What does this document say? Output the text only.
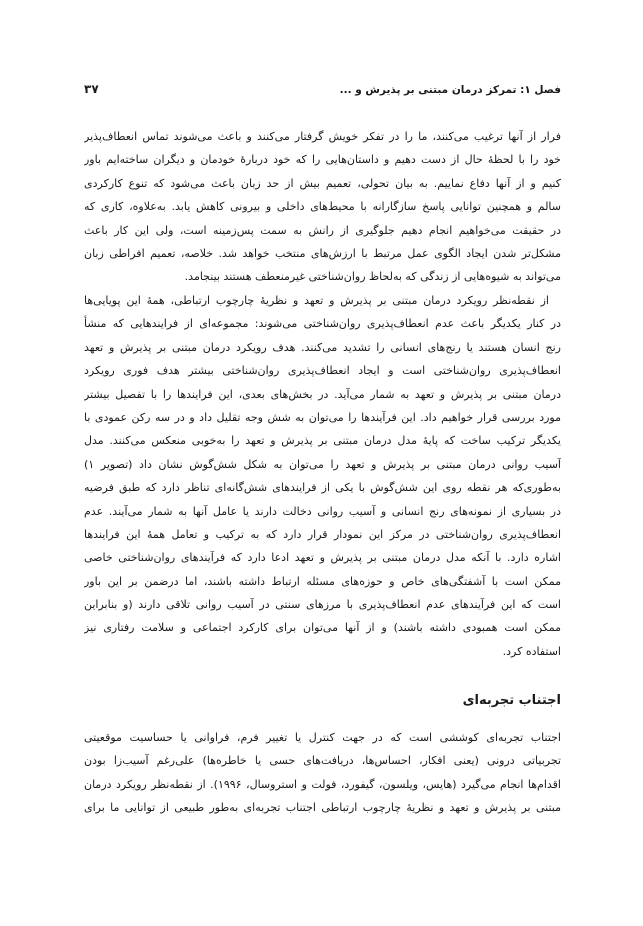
فصل ۱: تمرکز درمان مبتنی بر پذیرش و ...
۳۷

فرار از آنها ترغیب می‌کنند، ما را در تفکر خویش گرفتار می‌کنند و باعث می‌شوند تماس انعطاف‌پذیر
خود را با لحظهٔ حال از دست دهیم و داستان‌هایی را که خود دربارهٔ خودمان و دیگران ساخته‌ایم باور
کنیم و از آنها دفاع نماییم. به بیان تحولی، تعمیم بیش از حد زبان باعث می‌شود که تنوع کارکردی
سالم و همچنین توانایی پاسخ سازگارانه با محیط‌های داخلی و بیرونی کاهش یابد. به‌علاوه، کاری که
در حقیقت می‌خواهیم انجام دهیم جلوگیری از رانش به سمت پس‌زمینه است، ولی این کار باعث
مشکل‌تر شدن ایجاد الگوی عمل مرتبط با ارزش‌های منتخب خواهد شد. خلاصه، تعمیم افراطی زبان
می‌تواند به شیوه‌هایی از زندگی که به‌لحاظ روان‌شناختی غیرمنعطف هستند بینجامد.

از نقطه‌نظر رویکرد درمان مبتنی بر پذیرش و تعهد و نظریهٔ چارچوب ارتباطی، همهٔ این پویایی‌ها
در کنار یکدیگر باعث عدم انعطاف‌پذیری روان‌شناختی می‌شوند: مجموعه‌ای از فرایندهایی که منشأ
رنج انسان هستند یا رنج‌های انسانی را تشدید می‌کنند. هدف رویکرد درمان مبتنی بر پذیرش و تعهد
انعطاف‌پذیری روان‌شناختی است و ایجاد انعطاف‌پذیری روان‌شناختی بیشتر هدف فوری رویکرد
درمان مبتنی بر پذیرش و تعهد به شمار می‌آید. در بخش‌های بعدی، این فرایندها را با تفصیل بیشتر
مورد بررسی قرار خواهیم داد. این فرآیندها را می‌توان به شش وجه تقلیل داد و در سه رکن عمودی با
یکدیگر ترکیب ساخت که پایهٔ مدل درمان مبتنی بر پذیرش و تعهد را به‌خوبی منعکس می‌کنند. مدل
آسیب روانی درمان مبتنی بر پذیرش و تعهد را می‌توان به شکل شش‌گوش نشان داد (تصویر ۱)
به‌طوری‌که هر نقطه روی این شش‌گوش با یکی از فرایندهای شش‌گانه‌ای تناظر دارد که طبق فرضیه
در بسیاری از نمونه‌های رنج انسانی و آسیب روانی دخالت دارند یا عامل آنها به شمار می‌آیند. عدم
انعطاف‌پذیری روان‌شناختی در مرکز این نمودار قرار دارد که به ترکیب و تعامل همهٔ این فرایندها
اشاره دارد. با آنکه مدل درمان مبتنی بر پذیرش و تعهد ادعا دارد که فرآیندهای روان‌شناختی خاصی
ممکن است با آشفتگی‌های خاص و حوزه‌های مسئله ارتباط داشته باشند، اما درضمن بر این باور
است که این فرآیندهای عدم انعطاف‌پذیری با مرزهای سنتی در آسیب روانی تلاقی دارند (و بنابراین
ممکن است همبودی داشته باشند) و از آنها می‌توان برای کارکرد اجتماعی و سلامت رفتاری نیز
استفاده کرد.

اجتناب تجربه‌ای

اجتناب تجربه‌ای کوششی است که در جهت کنترل یا تغییر فرم، فراوانی یا حساسیت موقعیتی
تجربیاتی درونی (یعنی افکار، احساس‌ها، دریافت‌های حسی یا خاطره‌ها) علی‌رغم آسیب‌زا بودن
اقدام‌ها انجام می‌گیرد (هایس، ویلسون، گیفورد، فولت و استروسال، ۱۹۹۶). از نقطه‌نظر رویکرد درمان
مبتنی بر پذیرش و تعهد و نظریهٔ چارچوب ارتباطی اجتناب تجربه‌ای به‌طور طبیعی از توانایی ما برای
